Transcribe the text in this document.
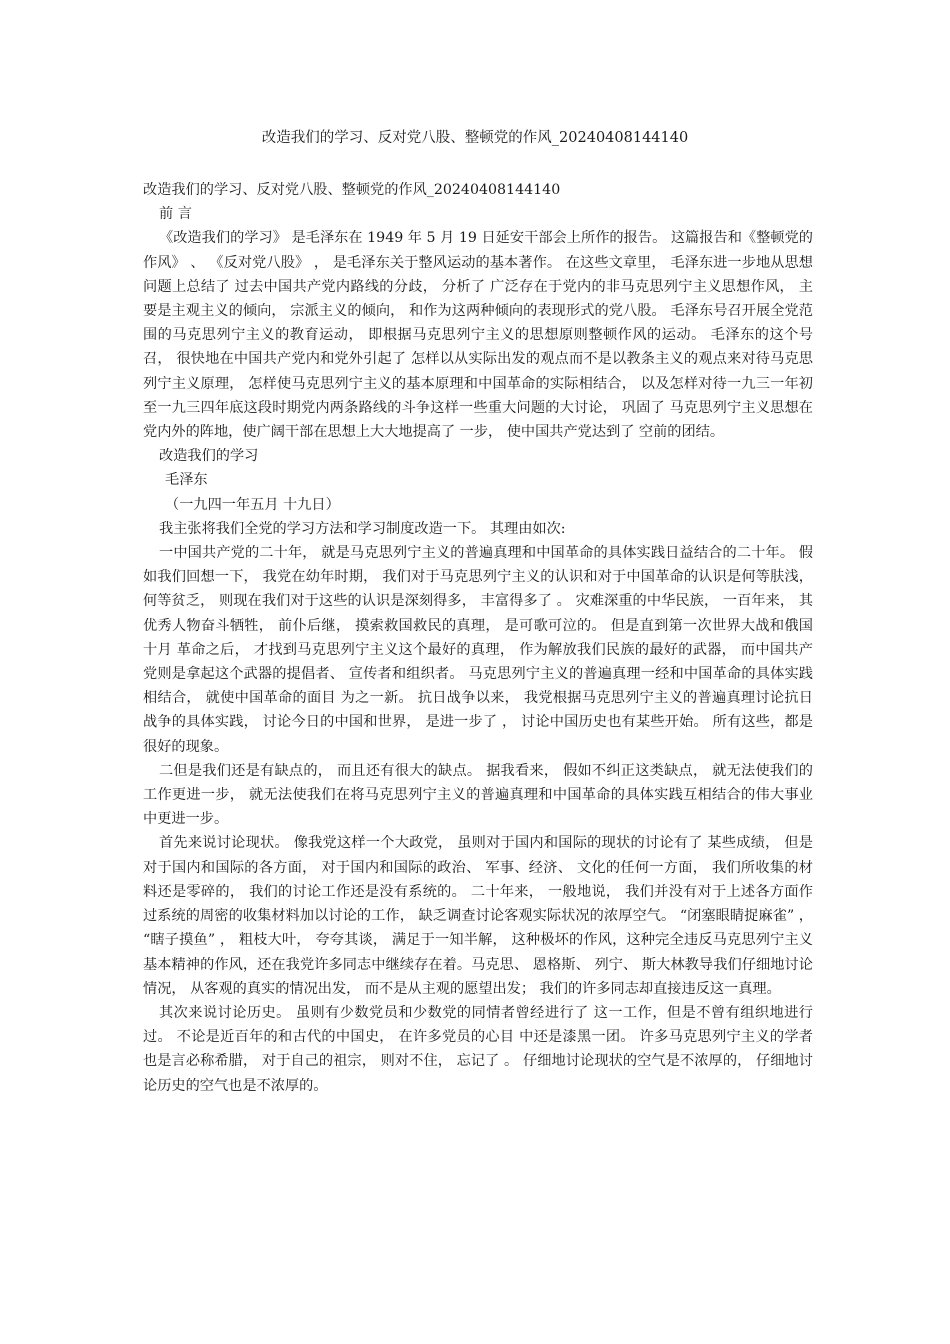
改造我们的学习、反对党八股、整顿党的作风_20240408144140

改造我们的学习、反对党八股、整顿党的作风_20240408144140

前 言

《改造我们的学习》 是毛泽东在 1949 年 5 月 19 日延安干部会上所作的报告。 这篇报告和《整顿党的作风》 、 《反对党八股》 ， 是毛泽东关于整风运动的基本著作。 在这些文章里， 毛泽东进一步地从思想问题上总结了 过去中国共产党内路线的分歧， 分析了 广泛存在于党内的非马克思列宁主义思想作风， 主要是主观主义的倾向， 宗派主义的倾向， 和作为这两种倾向的表现形式的党八股。 毛泽东号召开展全党范围的马克思列宁主义的教育运动， 即根据马克思列宁主义的思想原则整顿作风的运动。 毛泽东的这个号召， 很快地在中国共产党内和党外引起了 怎样以从实际出发的观点而不是以教条主义的观点来对待马克思列宁主义原理， 怎样使马克思列宁主义的基本原理和中国革命的实际相结合， 以及怎样对待一九三一年初至一九三四年底这段时期党内两条路线的斗争这样一些重大问题的大讨论， 巩固了 马克思列宁主义思想在党内外的阵地，使广阔干部在思想上大大地提高了 一步， 使中国共产党达到了 空前的团结。

改造我们的学习

毛泽东

（一九四一年五月 十九日）

我主张将我们全党的学习方法和学习制度改造一下。 其理由如次:

一中国共产党的二十年， 就是马克思列宁主义的普遍真理和中国革命的具体实践日益结合的二十年。 假如我们回想一下， 我党在幼年时期， 我们对于马克思列宁主义的认识和对于中国革命的认识是何等肤浅， 何等贫乏， 则现在我们对于这些的认识是深刻得多， 丰富得多了 。 灾难深重的中华民族， 一百年来， 其优秀人物奋斗牺牲， 前仆后继， 摸索救国救民的真理， 是可歌可泣的。 但是直到第一次世界大战和俄国十月 革命之后， 才找到马克思列宁主义这个最好的真理， 作为解放我们民族的最好的武器， 而中国共产党则是拿起这个武器的提倡者、 宣传者和组织者。 马克思列宁主义的普遍真理一经和中国革命的具体实践相结合， 就使中国革命的面目 为之一新。 抗日战争以来， 我党根据马克思列宁主义的普遍真理讨论抗日战争的具体实践， 讨论今日的中国和世界， 是进一步了 ， 讨论中国历史也有某些开始。 所有这些，都是很好的现象。

二但是我们还是有缺点的， 而且还有很大的缺点。 据我看来， 假如不纠正这类缺点， 就无法使我们的工作更进一步， 就无法使我们在将马克思列宁主义的普遍真理和中国革命的具体实践互相结合的伟大事业中更进一步。

首先来说讨论现状。 像我党这样一个大政党， 虽则对于国内和国际的现状的讨论有了 某些成绩， 但是对于国内和国际的各方面， 对于国内和国际的政治、 军事、经济、 文化的任何一方面， 我们所收集的材料还是零碎的， 我们的讨论工作还是没有系统的。 二十年来， 一般地说， 我们并没有对于上述各方面作过系统的周密的收集材料加以讨论的工作， 缺乏调查讨论客观实际状况的浓厚空气。 “闭塞眼睛捉麻雀” ， “瞎子摸鱼” ， 粗枝大叶， 夸夸其谈， 满足于一知半解， 这种极坏的作风，这种完全违反马克思列宁主义基本精神的作风，还在我党许多同志中继续存在着。马克思、 恩格斯、 列宁、 斯大林教导我们仔细地讨论情况， 从客观的真实的情况出发， 而不是从主观的愿望出发； 我们的许多同志却直接违反这一真理。

其次来说讨论历史。 虽则有少数党员和少数党的同情者曾经进行了 这一工作，但是不曾有组织地进行过。 不论是近百年的和古代的中国史， 在许多党员的心目 中还是漆黑一团。 许多马克思列宁主义的学者也是言必称希腊， 对于自己的祖宗， 则对不住， 忘记了 。 仔细地讨论现状的空气是不浓厚的， 仔细地讨论历史的空气也是不浓厚的。
